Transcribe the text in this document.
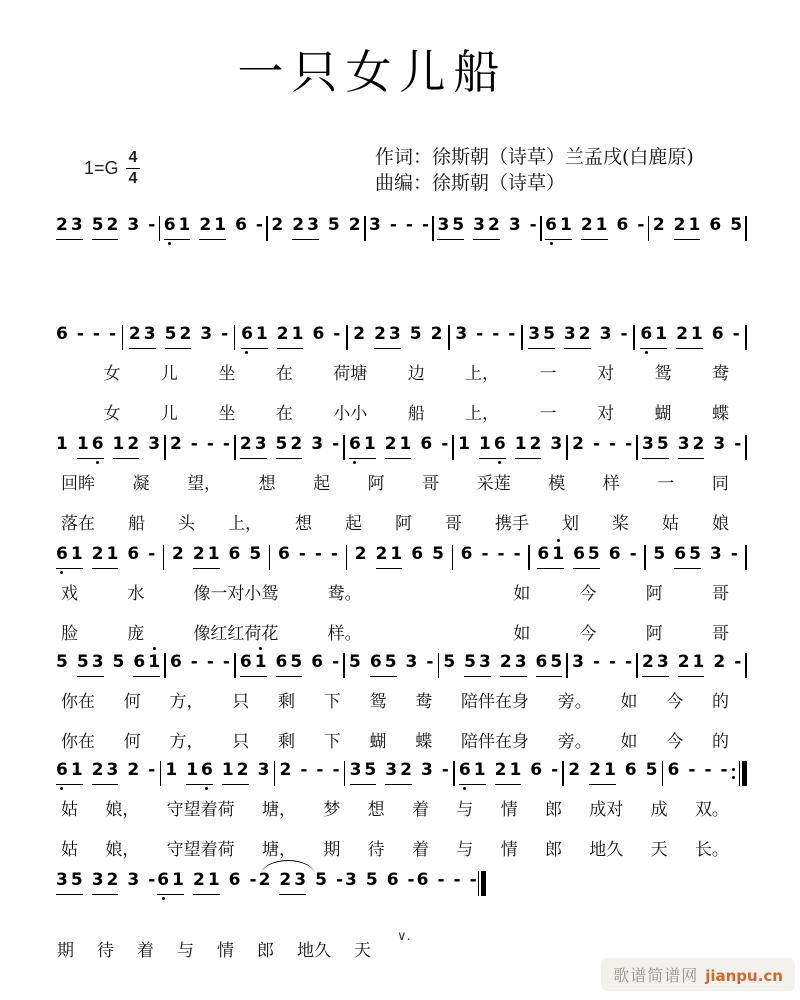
一只女儿船
$1=G \frac{4}{4}$	作词：徐斯朝（诗草）兰孟戌(白鹿原)
曲编：徐斯朝（诗草）
2 3 5 2 3 - 6 1 2 1 6 - 2 2 3 5 2 3 - - - 3 5 3 2 3 - 6 1 2 1 6 - 2 2 1 6 5
6 - - - 2 3 5 2 3 - 6 1 2 1 6 - 2 2 3 5 2 3 - - - 3 5 3 2 3 - 6 1 2 1 6 -
女 儿 坐 在 荷塘 边 上， 一 对 鸳 鸯
女 儿 坐 在 小小 船 上， 一 对 蝴 蝶
1 1 6 1 2 3 2 - - - 2 3 5 2 3 - 6 1 2 1 6 - 1 1 6 1 2 3 2 - - - 3 5 3 2 3 -
回眸 凝 望， 想 起 阿 哥 采莲 模 样 一 同
落在 船 头 上， 想 起 阿 哥 携手 划 桨 姑 娘
6 1 2 1 6 - 2 2 1 6 5 6 - - - 2 2 1 6 5 6 - - - 6 1 6 5 6 - 5 6 5 3 -
戏	水	像一对小鸳	鸯。	如	今	阿	哥
脸	庞	像红红荷花	样。	如	今	阿	哥
5 5 3 5 6 1 6 - - - 6 1 6 5 6 - 5 6 5 3 - 5 5 3 2 3 6 5 3 - - - 2 3 2 1 2 -
你在 何 方， 只 剩 下 鸳 鸯 陪伴在身 旁。 如 今 的
你在 何 方， 只 剩 下 蝴 蝶 陪伴在身 旁。 如 今 的
6 1 2 3 2 - 1 1 6 1 2 3 2 - - - 3 5 3 2 3 - 6 1 2 1 6 - 2 2 1 6 5 6 - - -
姑 娘， 守望着荷 塘， 梦 想 着 与 情 郎 成对 成 双。
姑 娘， 守望着荷 塘， 期 待 着 与 情 郎 地久 天 长。
3 5 3 2 3 - 6 1 2 1 6 - 2 2 3 5 - 3 5 6 - 6 - - -
期 待 着 与 情 郎 地久 天
∨.
歌谱简谱网 jianpu.cn
